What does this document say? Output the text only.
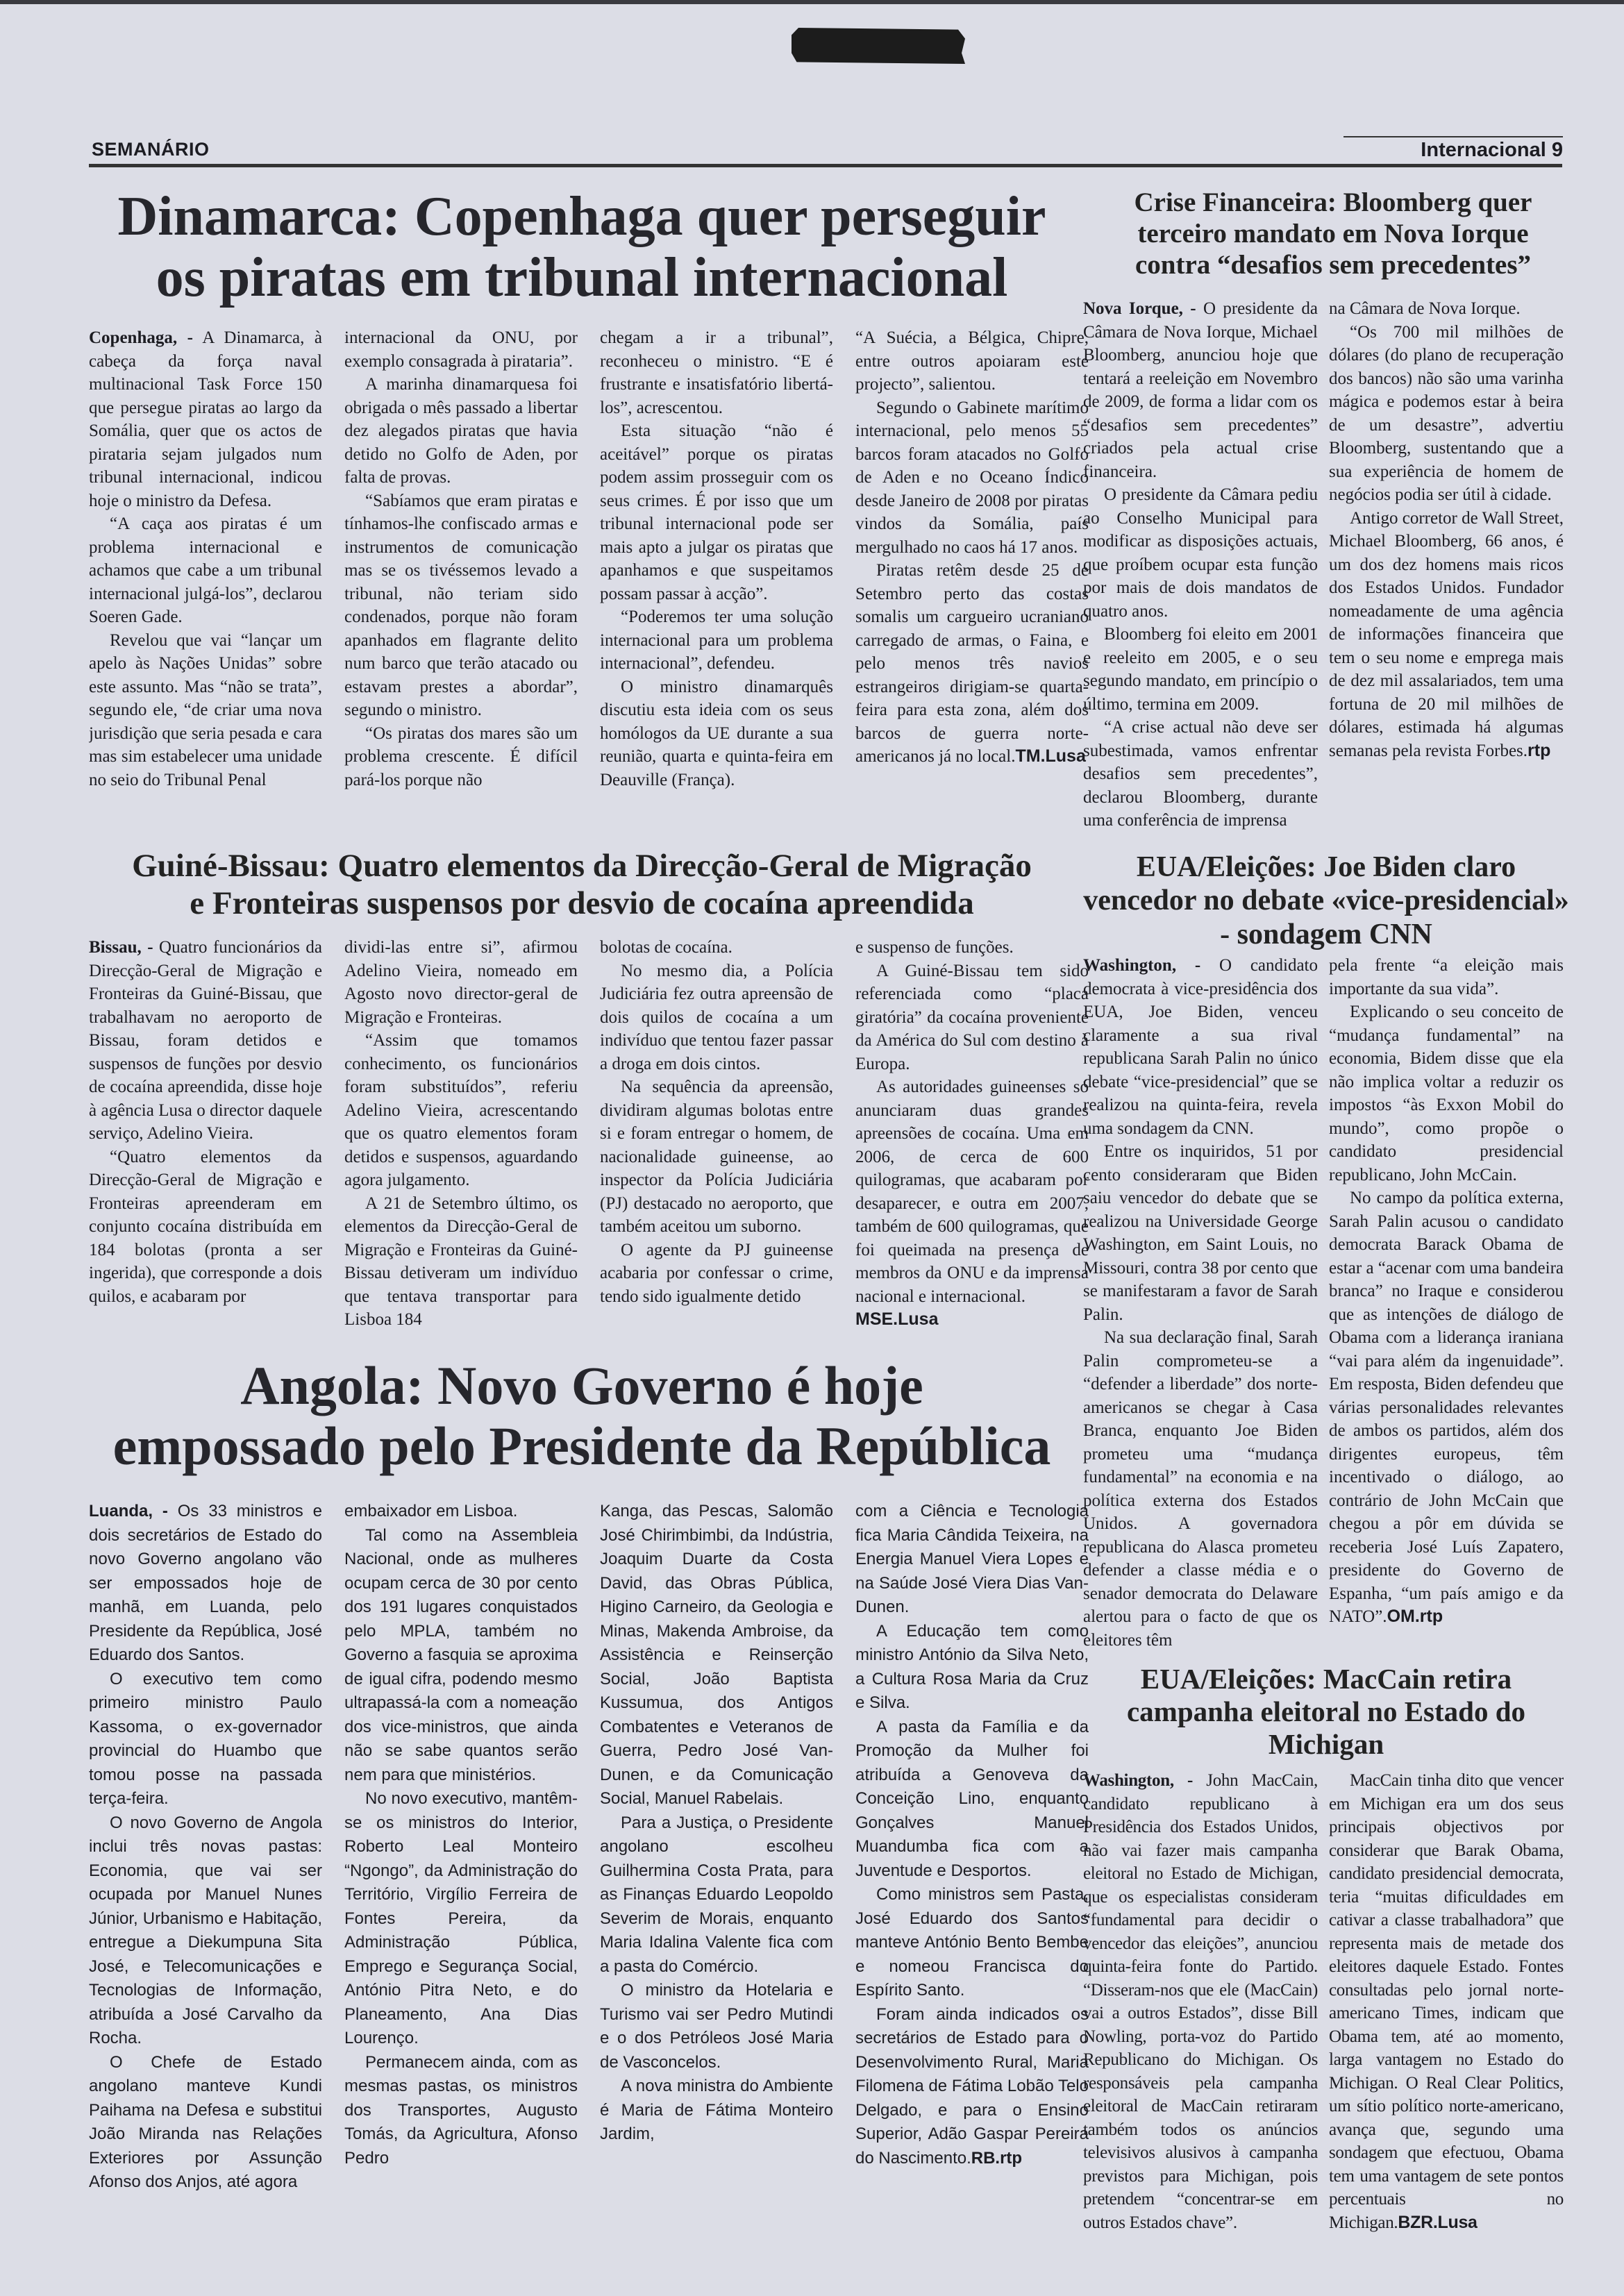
SEMANÁRIO	Internacional 9
Dinamarca: Copenhaga quer perseguir
os piratas em tribunal internacional

Copenhaga, - A Dinamarca, à cabeça da força naval multinacional Task Force 150 que persegue piratas ao largo da Somália, quer que os actos de pirataria sejam julgados num tribunal internacional, indicou hoje o ministro da Defesa.

“A caça aos piratas é um problema internacional e achamos que cabe a um tribunal internacional julgá-los”, declarou Soeren Gade.

Revelou que vai “lançar um apelo às Nações Unidas” sobre este assunto. Mas “não se trata”, segundo ele, “de criar uma nova jurisdição que seria pesada e cara mas sim estabelecer uma unidade no seio do Tribunal Penal

internacional da ONU, por exemplo consagrada à pirataria”.

A marinha dinamarquesa foi obrigada o mês passado a libertar dez alegados piratas que havia detido no Golfo de Aden, por falta de provas.

“Sabíamos que eram piratas e tínhamos-lhe confiscado armas e instrumentos de comunicação mas se os tivéssemos levado a tribunal, não teriam sido condenados, porque não foram apanhados em flagrante delito num barco que terão atacado ou estavam prestes a abordar”, segundo o ministro.

“Os piratas dos mares são um problema crescente. É difícil pará-los porque não

chegam a ir a tribunal”, reconheceu o ministro. “E é frustrante e insatisfatório libertá-los”, acrescentou.

Esta situação “não é aceitável” porque os piratas podem assim prosseguir com os seus crimes. É por isso que um tribunal internacional pode ser mais apto a julgar os piratas que apanhamos e que suspeitamos possam passar à acção”.

“Poderemos ter uma solução internacional para um problema internacional”, defendeu.

O ministro dinamarquês discutiu esta ideia com os seus homólogos da UE durante a sua reunião, quarta e quinta-feira em Deauville (França).

“A Suécia, a Bélgica, Chipre, entre outros apoiaram este projecto”, salientou.

Segundo o Gabinete marítimo internacional, pelo menos 55 barcos foram atacados no Golfo de Aden e no Oceano Índico desde Janeiro de 2008 por piratas vindos da Somália, país mergulhado no caos há 17 anos.

Piratas retêm desde 25 de Setembro perto das costas somalis um cargueiro ucraniano carregado de armas, o Faina, e pelo menos três navios estrangeiros dirigiam-se quarta-feira para esta zona, além dos barcos de guerra norte-americanos já no local.TM.Lusa

Crise Financeira: Bloomberg quer terceiro mandato em Nova Iorque contra “desafios sem precedentes”

Nova Iorque, - O presidente da Câmara de Nova Iorque, Michael Bloomberg, anunciou hoje que tentará a reeleição em Novembro de 2009, de forma a lidar com os “desafios sem precedentes” criados pela actual crise financeira.

O presidente da Câmara pediu ao Conselho Municipal para modificar as disposições actuais, que proíbem ocupar esta função por mais de dois mandatos de quatro anos.

Bloomberg foi eleito em 2001 e reeleito em 2005, e o seu segundo mandato, em princípio o último, termina em 2009.

“A crise actual não deve ser subestimada, vamos enfrentar desafios sem precedentes”, declarou Bloomberg, durante uma conferência de imprensa

na Câmara de Nova Iorque.

“Os 700 mil milhões de dólares (do plano de recuperação dos bancos) não são uma varinha mágica e podemos estar à beira de um desastre”, advertiu Bloomberg, sustentando que a sua experiência de homem de negócios podia ser útil à cidade.

Antigo corretor de Wall Street, Michael Bloomberg, 66 anos, é um dos dez homens mais ricos dos Estados Unidos. Fundador nomeadamente de uma agência de informações financeira que tem o seu nome e emprega mais de dez mil assalariados, tem uma fortuna de 20 mil milhões de dólares, estimada há algumas semanas pela revista Forbes.rtp

Guiné-Bissau: Quatro elementos da Direcção-Geral de Migração
e Fronteiras suspensos por desvio de cocaína apreendida

Bissau, - Quatro funcionários da Direcção-Geral de Migração e Fronteiras da Guiné-Bissau, que trabalhavam no aeroporto de Bissau, foram detidos e suspensos de funções por desvio de cocaína apreendida, disse hoje à agência Lusa o director daquele serviço, Adelino Vieira.

“Quatro elementos da Direcção-Geral de Migração e Fronteiras apreenderam em conjunto cocaína distribuída em 184 bolotas (pronta a ser ingerida), que corresponde a dois quilos, e acabaram por

dividi-las entre si”, afirmou Adelino Vieira, nomeado em Agosto novo director-geral de Migração e Fronteiras.

“Assim que tomamos conhecimento, os funcionários foram substituídos”, referiu Adelino Vieira, acrescentando que os quatro elementos foram detidos e suspensos, aguardando agora julgamento.

A 21 de Setembro último, os elementos da Direcção-Geral de Migração e Fronteiras da Guiné-Bissau detiveram um indivíduo que tentava transportar para Lisboa 184

bolotas de cocaína.

No mesmo dia, a Polícia Judiciária fez outra apreensão de dois quilos de cocaína a um indivíduo que tentou fazer passar a droga em dois cintos.

Na sequência da apreensão, dividiram algumas bolotas entre si e foram entregar o homem, de nacionalidade guineense, ao inspector da Polícia Judiciária (PJ) destacado no aeroporto, que também aceitou um suborno.

O agente da PJ guineense acabaria por confessar o crime, tendo sido igualmente detido

e suspenso de funções.

A Guiné-Bissau tem sido referenciada como “placa giratória” da cocaína proveniente da América do Sul com destino à Europa.

As autoridades guineenses só anunciaram duas grandes apreensões de cocaína. Uma em 2006, de cerca de 600 quilogramas, que acabaram por desaparecer, e outra em 2007, também de 600 quilogramas, que foi queimada na presença de membros da ONU e da imprensa nacional e internacional.

MSE.Lusa

EUA/Eleições: Joe Biden claro vencedor no debate «vice-presidencial» - sondagem CNN

Washington, - O candidato democrata à vice-presidência dos EUA, Joe Biden, venceu claramente a sua rival republicana Sarah Palin no único debate “vice-presidencial” que se realizou na quinta-feira, revela uma sondagem da CNN.

Entre os inquiridos, 51 por cento consideraram que Biden saiu vencedor do debate que se realizou na Universidade George Washington, em Saint Louis, no Missouri, contra 38 por cento que se manifestaram a favor de Sarah Palin.

Na sua declaração final, Sarah Palin comprometeu-se a “defender a liberdade” dos norte-americanos se chegar à Casa Branca, enquanto Joe Biden prometeu uma “mudança fundamental” na economia e na política externa dos Estados Unidos. A governadora republicana do Alasca prometeu defender a classe média e o senador democrata do Delaware alertou para o facto de que os eleitores têm

pela frente “a eleição mais importante da sua vida”.

Explicando o seu conceito de “mudança fundamental” na economia, Bidem disse que ela não implica voltar a reduzir os impostos “às Exxon Mobil do mundo”, como propõe o candidato presidencial republicano, John McCain.

No campo da política externa, Sarah Palin acusou o candidato democrata Barack Obama de estar a “acenar com uma bandeira branca” no Iraque e considerou que as intenções de diálogo de Obama com a liderança iraniana “vai para além da ingenuidade”. Em resposta, Biden defendeu que várias personalidades relevantes de ambos os partidos, além dos dirigentes europeus, têm incentivado o diálogo, ao contrário de John McCain que chegou a pôr em dúvida se receberia José Luís Zapatero, presidente do Governo de Espanha, “um país amigo e da NATO”.OM.rtp

Angola: Novo Governo é hoje
empossado pelo Presidente da República

Luanda, - Os 33 ministros e dois secretários de Estado do novo Governo angolano vão ser empossados hoje de manhã, em Luanda, pelo Presidente da República, José Eduardo dos Santos.

O executivo tem como primeiro ministro Paulo Kassoma, o ex-governador provincial do Huambo que tomou posse na passada terça-feira.

O novo Governo de Angola inclui três novas pastas: Economia, que vai ser ocupada por Manuel Nunes Júnior, Urbanismo e Habitação, entregue a Diekumpuna Sita José, e Telecomunicações e Tecnologias de Informação, atribuída a José Carvalho da Rocha.

O Chefe de Estado angolano manteve Kundi Paihama na Defesa e substitui João Miranda nas Relações Exteriores por Assunção Afonso dos Anjos, até agora

embaixador em Lisboa.

Tal como na Assembleia Nacional, onde as mulheres ocupam cerca de 30 por cento dos 191 lugares conquistados pelo MPLA, também no Governo a fasquia se aproxima de igual cifra, podendo mesmo ultrapassá-la com a nomeação dos vice-ministros, que ainda não se sabe quantos serão nem para que ministérios.

No novo executivo, mantêm-se os ministros do Interior, Roberto Leal Monteiro “Ngongo”, da Administração do Território, Virgílio Ferreira de Fontes Pereira, da Administração Pública, Emprego e Segurança Social, António Pitra Neto, e do Planeamento, Ana Dias Lourenço.

Permanecem ainda, com as mesmas pastas, os ministros dos Transportes, Augusto Tomás, da Agricultura, Afonso Pedro

Kanga, das Pescas, Salomão José Chirimbimbi, da Indústria, Joaquim Duarte da Costa David, das Obras Pública, Higino Carneiro, da Geologia e Minas, Makenda Ambroise, da Assistência e Reinserção Social, João Baptista Kussumua, dos Antigos Combatentes e Veteranos de Guerra, Pedro José Van-Dunen, e da Comunicação Social, Manuel Rabelais.

Para a Justiça, o Presidente angolano escolheu Guilhermina Costa Prata, para as Finanças Eduardo Leopoldo Severim de Morais, enquanto Maria Idalina Valente fica com a pasta do Comércio.

O ministro da Hotelaria e Turismo vai ser Pedro Mutindi e o dos Petróleos José Maria de Vasconcelos.

A nova ministra do Ambiente é Maria de Fátima Monteiro Jardim,

com a Ciência e Tecnologia fica Maria Cândida Teixeira, na Energia Manuel Viera Lopes e na Saúde José Viera Dias Van-Dunen.

A Educação tem como ministro António da Silva Neto, a Cultura Rosa Maria da Cruz e Silva.

A pasta da Família e da Promoção da Mulher foi atribuída a Genoveva da Conceição Lino, enquanto Gonçalves Manuel Muandumba fica com a Juventude e Desportos.

Como ministros sem Pasta, José Eduardo dos Santos manteve António Bento Bembe e nomeou Francisca do Espírito Santo.

Foram ainda indicados os secretários de Estado para o Desenvolvimento Rural, Maria Filomena de Fátima Lobão Telo Delgado, e para o Ensino Superior, Adão Gaspar Pereira do Nascimento.RB.rtp

EUA/Eleições: MacCain retira campanha eleitoral no Estado do Michigan

Washington, - John MacCain, candidato republicano à Presidência dos Estados Unidos, não vai fazer mais campanha eleitoral no Estado de Michigan, que os especialistas consideram “fundamental para decidir o vencedor das eleições”, anunciou quinta-feira fonte do Partido. “Disseram-nos que ele (MacCain) vai a outros Estados”, disse Bill Nowling, porta-voz do Partido Republicano do Michigan. Os responsáveis pela campanha eleitoral de MacCain retiraram também todos os anúncios televisivos alusivos à campanha previstos para Michigan, pois pretendem “concentrar-se em outros Estados chave”.

MacCain tinha dito que vencer em Michigan era um dos seus principais objectivos por considerar que Barak Obama, candidato presidencial democrata, teria “muitas dificuldades em cativar a classe trabalhadora” que representa mais de metade dos eleitores daquele Estado. Fontes consultadas pelo jornal norte-americano Times, indicam que Obama tem, até ao momento, larga vantagem no Estado do Michigan. O Real Clear Politics, um sítio político norte-americano, avança que, segundo uma sondagem que efectuou, Obama tem uma vantagem de sete pontos percentuais no Michigan.BZR.Lusa
